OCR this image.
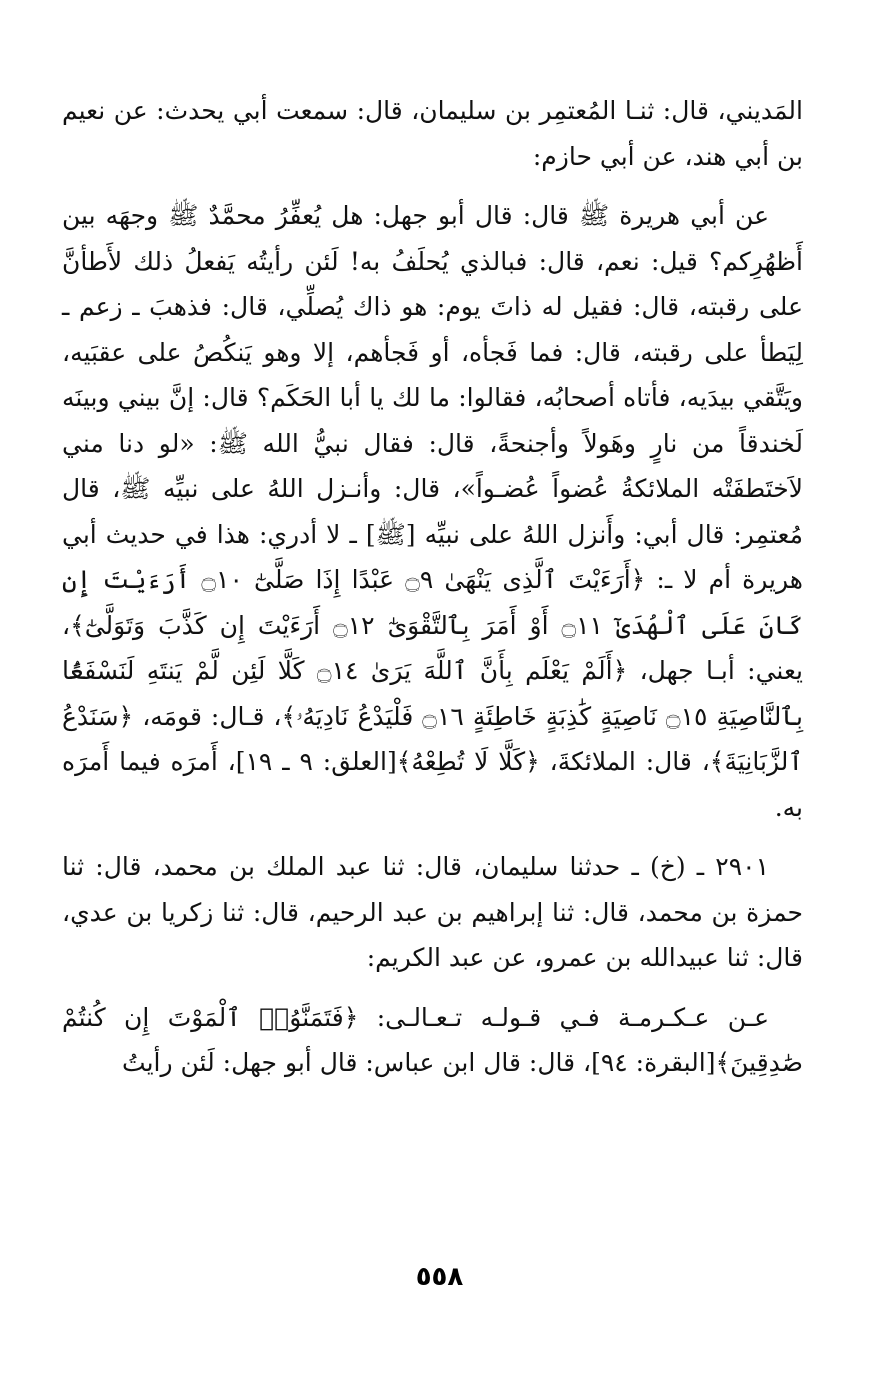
المَديني، قال: ثنـا المُعتمِر بن سليمان، قال: سمعت أبي يحدث: عن نعيم بن أبي هند، عن أبي حازم:

عن أبي هريرة ﷺ قال: قال أبو جهل: هل يُعفِّرُ محمَّدٌ ﷺ وجهَه بين أَظهُرِكم؟ قيل: نعم، قال: فبالذي يُحلَفُ به! لَئن رأيتُه يَفعلُ ذلك لأَطأنَّ على رقبته، قال: فقيل له ذاتَ يوم: هو ذاك يُصلِّي، قال: فذهبَ ـ زعم ـ لِيَطأ على رقبته، قال: فما فَجأه، أو فَجأهم، إلا وهو يَنكُصُ على عقبَيه، ويَتَّقي بيدَيه، فأتاه أصحابُه، فقالوا: ما لك يا أبا الحَكَم؟ قال: إنَّ بيني وبينَه لَخندقاً من نارٍ وهَولاً وأجنحةً، قال: فقال نبيُّ الله ﷺ: «لو دنا مني لاَختَطفَتْه الملائكةُ عُضواً عُضـواً»، قال: وأنـزل اللهُ على نبيِّه ﷺ، قال مُعتمِر: قال أبي: وأَنزل اللهُ على نبيِّه [ﷺ] ـ لا أدري: هذا في حديث أبي هريرة أم لا ـ: ﴿أَرَءَيْتَ ٱلَّذِى يَنْهَىٰ ۝٩ عَبْدًا إِذَا صَلَّىٰٓ ۝١٠ أَرَءَيْتَ إِن كَانَ عَلَى ٱلْهُدَىٰٓ ۝١١ أَوْ أَمَرَ بِٱلتَّقْوَىٰٓ ۝١٢ أَرَءَيْتَ إِن كَذَّبَ وَتَوَلَّىٰٓ﴾، يعني: أبـا جهل، ﴿أَلَمْ يَعْلَم بِأَنَّ ٱللَّهَ يَرَىٰ ۝١٤ كَلَّا لَئِن لَّمْ يَنتَهِ لَنَسْفَعًۢا بِٱلنَّاصِيَةِ ۝١٥ نَاصِيَةٍ كَٰذِبَةٍ خَاطِئَةٍ ۝١٦ فَلْيَدْعُ نَادِيَهُۥ﴾، قـال: قومَه، ﴿سَنَدْعُ ٱلزَّبَانِيَةَ﴾، قال: الملائكةَ، ﴿كَلَّا لَا تُطِعْهُ﴾[العلق: ٩ ـ ١٩]، أَمرَه فيما أَمرَه به.

٢٩٠١ ـ (خ) ـ حدثنا سليمان، قال: ثنا عبد الملك بن محمد، قال: ثنا حمزة بن محمد، قال: ثنا إبراهيم بن عبد الرحيم، قال: ثنا زكريا بن عدي، قال: ثنا عبيدالله بن عمرو، عن عبد الكريم:

عـن عـكـرمـة فـي قـولـه تـعـالـى: ﴿فَتَمَنَّوُا۟ ٱلْمَوْتَ إِن كُنتُمْ صَٰدِقِينَ﴾[البقرة: ٩٤]، قال: قال ابن عباس: قال أبو جهل: لَئن رأيتُ

٥٥٨
